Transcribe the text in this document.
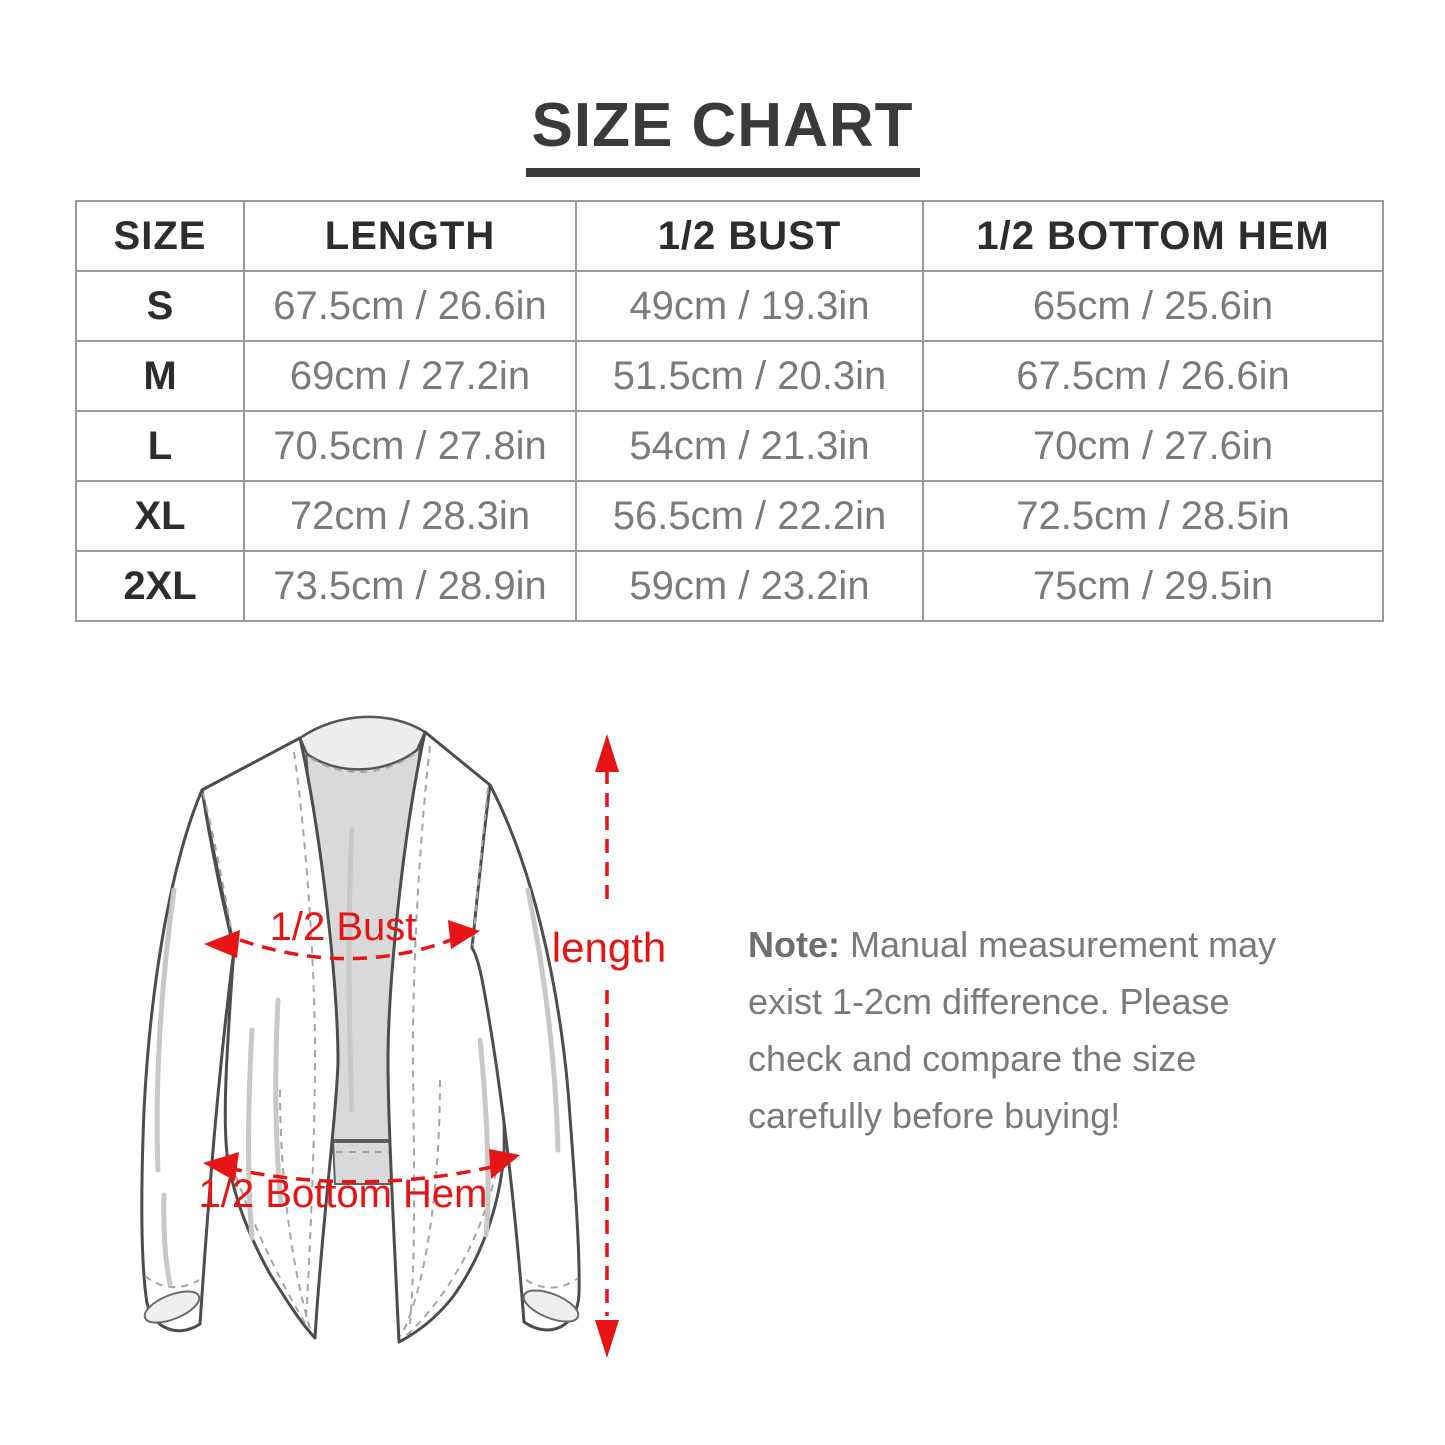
SIZE CHART
SIZE	LENGTH	1/2 BUST	1/2 BOTTOM HEM
S	67.5cm / 26.6in	49cm / 19.3in	65cm / 25.6in
M	69cm / 27.2in	51.5cm / 20.3in	67.5cm / 26.6in
L	70.5cm / 27.8in	54cm / 21.3in	70cm / 27.6in
XL	72cm / 28.3in	56.5cm / 22.2in	72.5cm / 28.5in
2XL	73.5cm / 28.9in	59cm / 23.2in	75cm / 29.5in
1/2 Bust
1/2 Bottom Hem
length Note: Manual measurement may
exist 1-2cm difference. Please
check and compare the size
carefully before buying!
